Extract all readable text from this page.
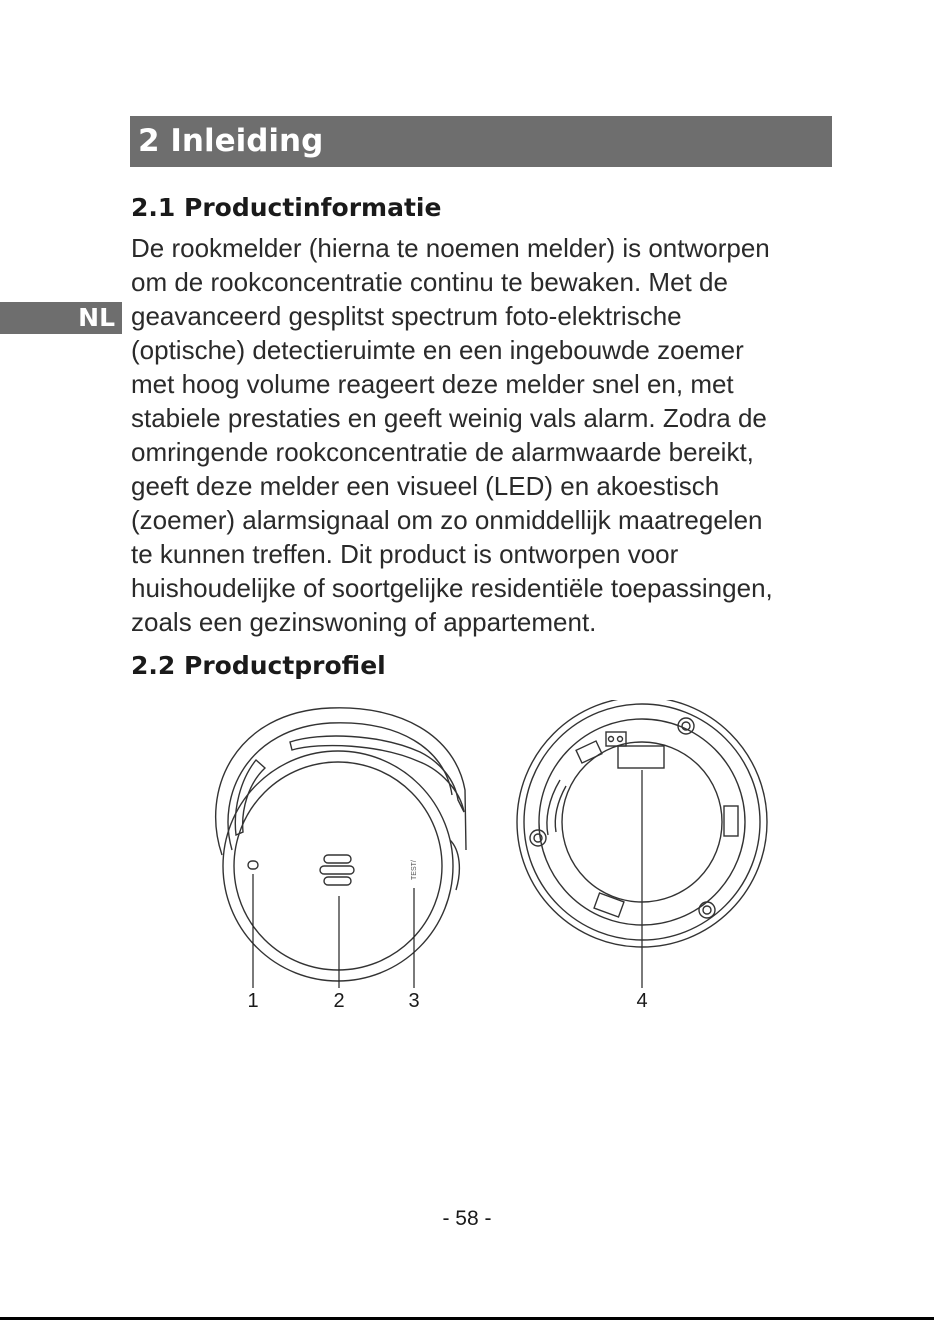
2 Inleiding
NL
2.1 Productinformatie
De rookmelder (hierna te noemen melder) is ontworpen
om de rookconcentratie continu te bewaken. Met de
geavanceerd gesplitst spectrum foto-elektrische
(optische) detectieruimte en een ingebouwde zoemer
met hoog volume reageert deze melder snel en, met
stabiele prestaties en geeft weinig vals alarm. Zodra de
omringende rookconcentratie de alarmwaarde bereikt,
geeft deze melder een visueel (LED) en akoestisch
(zoemer) alarmsignaal om zo onmiddellijk maatregelen
te kunnen treffen. Dit product is ontworpen voor
huishoudelijke of soortgelijke residentiële toepassingen,
zoals een gezinswoning of appartement.
2.2 Productprofiel
TEST/
1	2	3	4
- 58 -
